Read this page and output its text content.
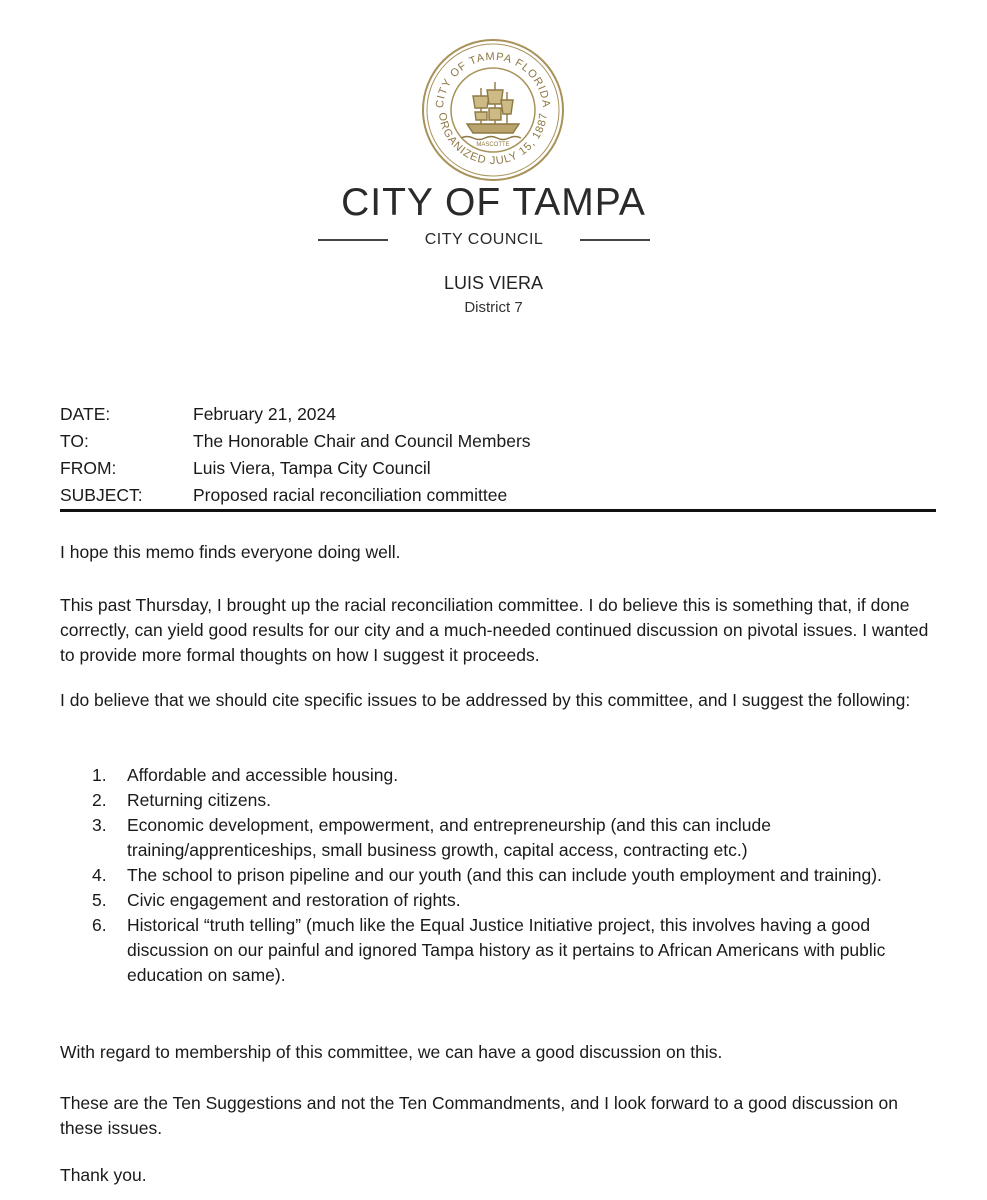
CITY OF TAMPA FLORIDA
ORGANIZED JULY 15, 1887
MASCOTTE
CITY OF TAMPA
CITY COUNCIL
LUIS VIERA
District 7
DATE:	February 21, 2024
TO:	The Honorable Chair and Council Members
FROM:	Luis Viera, Tampa City Council
SUBJECT:	Proposed racial reconciliation committee

I hope this memo finds everyone doing well.

This past Thursday, I brought up the racial reconciliation committee. I do believe this is something that, if done correctly, can yield good results for our city and a much-needed continued discussion on pivotal issues. I wanted to provide more formal thoughts on how I suggest it proceeds.

I do believe that we should cite specific issues to be addressed by this committee, and I suggest the following:

1.	Affordable and accessible housing.
2.	Returning citizens.
3.	Economic development, empowerment, and entrepreneurship (and this can include training/apprenticeships, small business growth, capital access, contracting etc.)
4.	The school to prison pipeline and our youth (and this can include youth employment and training).
5.	Civic engagement and restoration of rights.
6.	Historical “truth telling” (much like the Equal Justice Initiative project, this involves having a good discussion on our painful and ignored Tampa history as it pertains to African Americans with public education on same).

With regard to membership of this committee, we can have a good discussion on this.

These are the Ten Suggestions and not the Ten Commandments, and I look forward to a good discussion on these issues.

Thank you.
